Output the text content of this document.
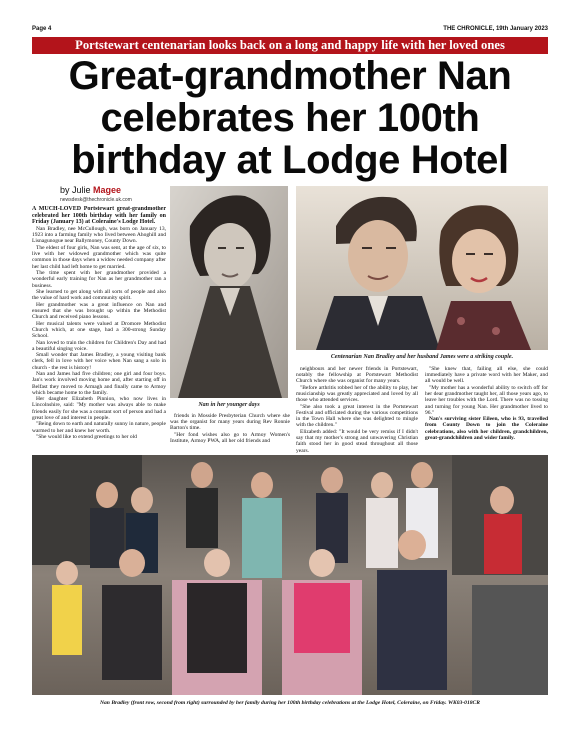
Page 4	THE CHRONICLE, 19th January 2023
Portstewart centenarian looks back on a long and happy life with her loved ones
Great-grandmother Nan
celebrates her 100th
birthday at Lodge Hotel
by Julie Magee
newsdesk@thechronicle.uk.com

A MUCH-LOVED Portstewart great-grandmother celebrated her 100th birthday with her family on Friday (January 13) at Coleraine's Lodge Hotel.

Nan Bradley, nee McCullough, was born on January 13, 1923 into a farming family who lived between Ahoghill and Lisnagunogue near Ballymoney, County Down.

The eldest of four girls, Nan was sent, at the age of six, to live with her widowed grandmother which was quite common in those days when a widow needed company after her last child had left home to get married.

The time spent with her grandmother provided a wonderful early training for Nan as her grandmother ran a business.

She learned to get along with all sorts of people and also the value of hard work and community spirit.

Her grandmother was a great influence on Nan and ensured that she was brought up within the Methodist Church and received piano lessons.

Her musical talents were valued at Dromore Methodist Church which, at one stage, had a 300-strong Sunday School.

Nan loved to train the children for Children's Day and had a beautiful singing voice.

Small wonder that James Bradley, a young visiting bank clerk, fell in love with her voice when Nan sang a solo in church - the rest is history!

Nan and James had five children; one girl and four boys. Jan's work involved moving home and, after starting off in Belfast they moved to Armagh and finally came to Armoy which became home to the family.

Her daughter Elizabeth Pinnion, who now lives in Lincolnshire, said: "My mother was always able to make friends easily for she was a constant sort of person and had a great love of and interest in people.

"Being down to earth and naturally sunny in nature, people warmed to her and knew her worth.

"She would like to extend greetings to her old

Nan in her younger days
Centenarian Nan Bradley and her husband James were a striking couple.

friends in Mosside Presbyterian Church where she was the organist for many years during Rev Ronnie Barton's time.

"Her fond wishes also go to Armoy Women's Institute, Armoy PWA, all her old friends and

neighbours and her newer friends in Portstewart, notably the fellowship at Portstewart Methodist Church where she was organist for many years.

"Before arthritis robbed her of the ability to play, her musicianship was greatly appreciated and loved by all those who attended services.

"She also took a great interest in the Portstewart Festival and officiated during the various competitions in the Town Hall where she was delighted to mingle with the children."

Elizabeth added: "It would be very remiss if I didn't say that my mother's strong and unwavering Christian faith stood her in good stead throughout all those years.

"She knew that, failing all else, she could immediately have a private word with her Maker, and all would be well.

"My mother has a wonderful ability to switch off for her dear grandmother taught her, all those years ago, to leave her troubles with the Lord. There was no tossing and turning for young Nan. Her grandmother lived to 96."

Nan's surviving sister Eileen, who is 93, travelled from County Down to join the Coleraine celebrations, also with her children, grandchildren, great-grandchildren and wider family.

Nan Bradley (front row, second from right) surrounded by her family during her 100th birthday celebrations at the Lodge Hotel, Coleraine, on Friday. WK03-018CR
